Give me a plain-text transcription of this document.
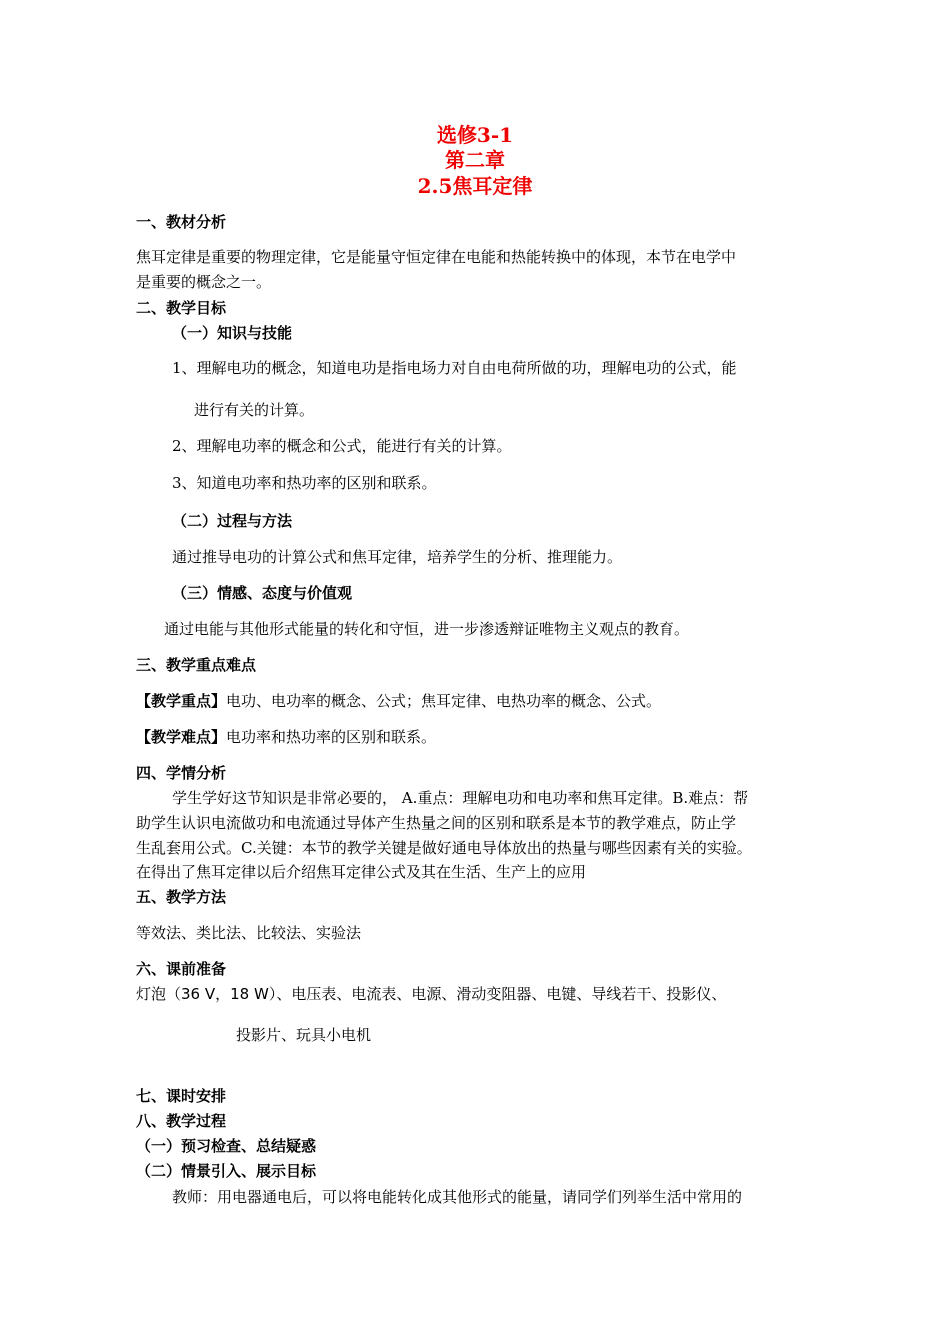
选修3-1
第二章
2.5焦耳定律
一、教材分析
焦耳定律是重要的物理定律，它是能量守恒定律在电能和热能转换中的体现，本节在电学中
是重要的概念之一。
二、教学目标
（一）知识与技能
1、理解电功的概念，知道电功是指电场力对自由电荷所做的功，理解电功的公式，能
进行有关的计算。
2、理解电功率的概念和公式，能进行有关的计算。
3、知道电功率和热功率的区别和联系。
（二）过程与方法
通过推导电功的计算公式和焦耳定律，培养学生的分析、推理能力。
（三）情感、态度与价值观
通过电能与其他形式能量的转化和守恒，进一步渗透辩证唯物主义观点的教育。
三、教学重点难点
【教学重点】电功、电功率的概念、公式；焦耳定律、电热功率的概念、公式。
【教学难点】电功率和热功率的区别和联系。
四、学情分析
学生学好这节知识是非常必要的， A.重点：理解电功和电功率和焦耳定律。B.难点：帮
助学生认识电流做功和电流通过导体产生热量之间的区别和联系是本节的教学难点，防止学
生乱套用公式。C.关键：本节的教学关键是做好通电导体放出的热量与哪些因素有关的实验。
在得出了焦耳定律以后介绍焦耳定律公式及其在生活、生产上的应用
五、教学方法
等效法、类比法、比较法、实验法
六、课前准备
灯泡（36 V，18 W）、电压表、电流表、电源、滑动变阻器、电键、导线若干、投影仪、
投影片、玩具小电机
七、课时安排
八、教学过程
（一）预习检查、总结疑惑
（二）情景引入、展示目标
教师：用电器通电后，可以将电能转化成其他形式的能量，请同学们列举生活中常用的
